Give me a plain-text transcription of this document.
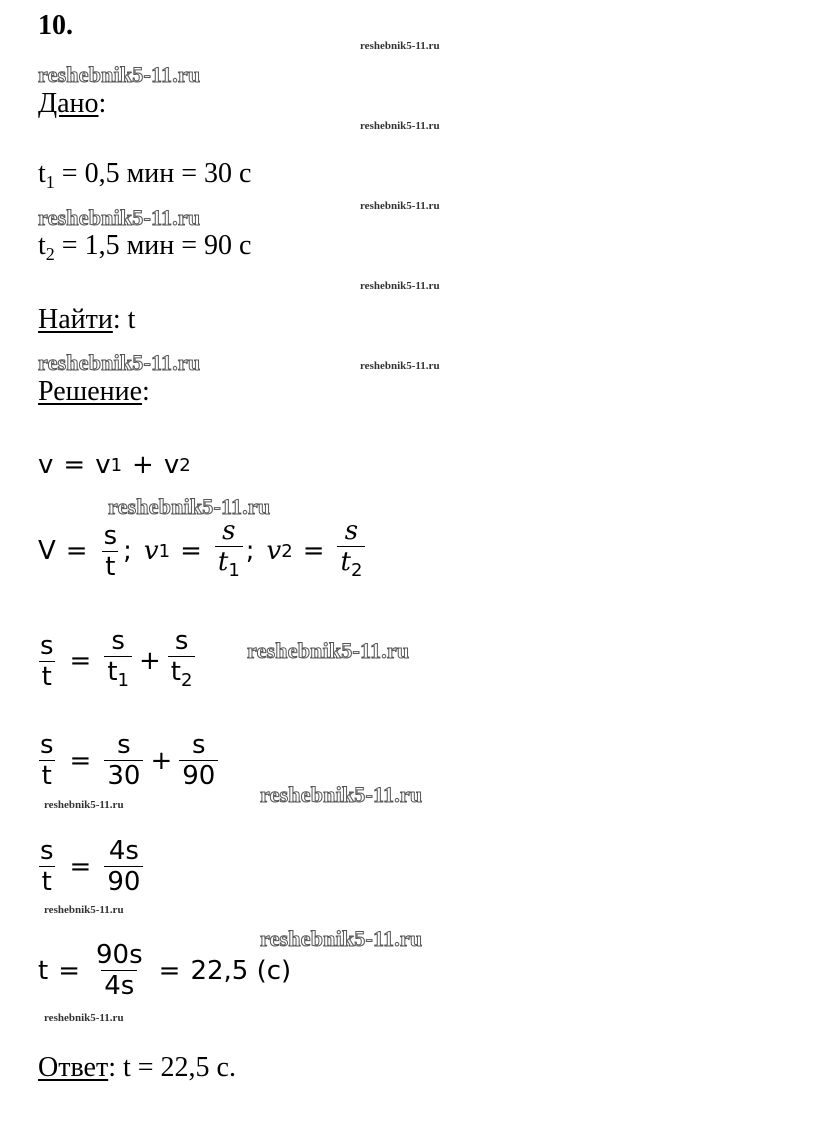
10.
reshebnik5-11.ru
reshebnik5-11.ru
reshebnik5-11.ru
reshebnik5-11.ru
reshebnik5-11.ru
reshebnik5-11.ru
reshebnik5-11.ru
reshebnik5-11.ru
reshebnik5-11.ru
reshebnik5-11.ru
reshebnik5-11.ru
reshebnik5-11.ru
reshebnik5-11.ru
reshebnik5-11.ru
reshebnik5-11.ru
Дано:
$t_1 = 0,5$ мин = 30 с
$t_2 = 1,5$ мин = 90 с
Найти: t
Решение:
v = v 1 + v 2
$V = \frac{s}{t}$ ; v $1 = \frac{s}{t_1}$ ; v $2 = \frac{s}{t_2}$
$\frac{s}{t} = \frac{s}{t_1} + \frac{s}{t_2}$
$\frac{s}{t} = \frac{s}{30} + \frac{s}{90}$
$\frac{s}{t} = \frac{4s}{90}$
$t = \frac{90s}{4s} = 22,5$ (с)
Ответ: t = 22,5 с.
